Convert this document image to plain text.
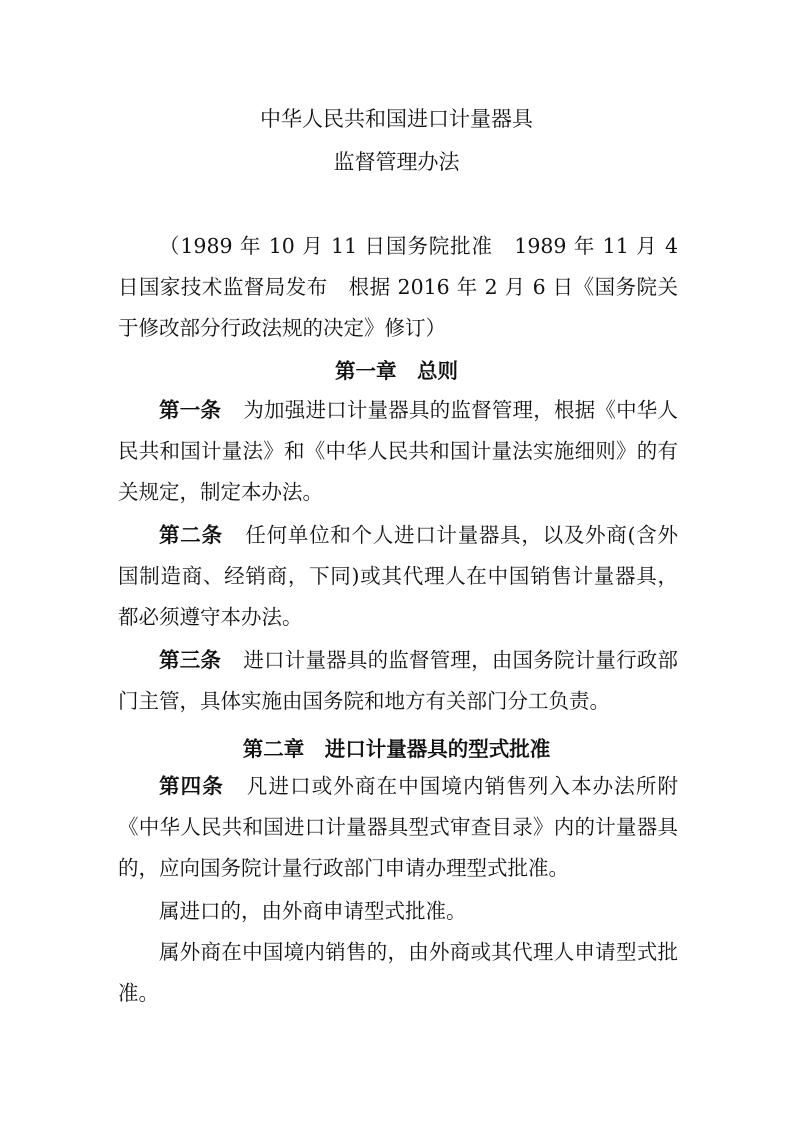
中华人民共和国进口计量器具
监督管理办法
（1989 年 10 月 11 日国务院批准　1989 年 11 月 4 日国家技术监督局发布　根据 2016 年 2 月 6 日《国务院关于修改部分行政法规的决定》修订）
第一章　总则
第一条 为加强进口计量器具的监督管理，根据《中华人民共和国计量法》和《中华人民共和国计量法实施细则》的有关规定，制定本办法。
第二条 任何单位和个人进口计量器具，以及外商(含外国制造商、经销商，下同)或其代理人在中国销售计量器具，都必须遵守本办法。
第三条 进口计量器具的监督管理，由国务院计量行政部门主管，具体实施由国务院和地方有关部门分工负责。
第二章　进口计量器具的型式批准
第四条 凡进口或外商在中国境内销售列入本办法所附《中华人民共和国进口计量器具型式审查目录》内的计量器具的，应向国务院计量行政部门申请办理型式批准。
属进口的，由外商申请型式批准。
属外商在中国境内销售的，由外商或其代理人申请型式批准。
